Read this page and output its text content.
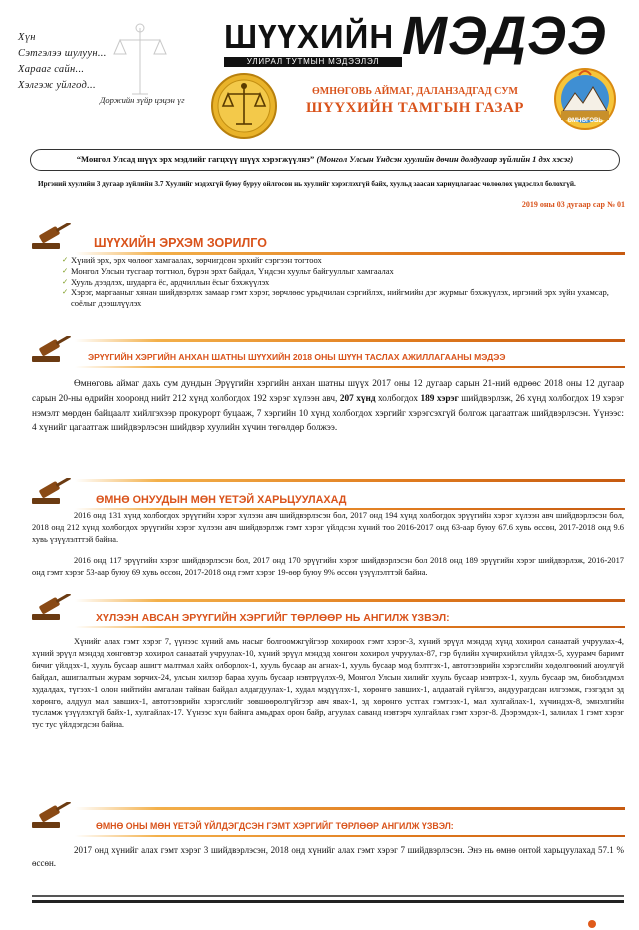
Хүн
Сэтгэлээ шулуун...
Харааг сайн...
Хэлгэж уйлгод...
Доржийн зүйр цэцэн үг
ШҮҮХИЙН МЭДЭЭ
УЛИРАЛ ТУТМЫН МЭДЭЭЛЭЛ
ӨМНӨГОВЬ АЙМАГ, ДАЛАНЗАДГАД СУМ
ШҮҮХИЙН ТАМГЫН ГАЗАР
ӨМНӨГОВЬ
“Монгол Улсад шүүх эрх мэдлийг гагцхүү шүүх хэрэгжүүлнэ” (Монгол Улсын Үндсэн хуулийн дөчин долдугаар зүйлийн 1 дэх хэсэг)
Иргэний хуулийн 3 дугаар зүйлийн 3.7 Хуулийг мэдэхгүй буюу буруу ойлгосон нь хуулийг хэрэглэхгүй байх, хуульд заасан хариуцлагаас чөлөөлөх үндэслэл болохгүй.
2019 оны 03 дугаар сар № 01
ШҮҮХИЙН ЭРХЭМ ЗОРИЛГО
✓ Хүний эрх, эрх чөлөөг хамгаалах, зөрчигдсөн эрхийг сэргээн тогтоох
✓ Монгол Улсын тусгаар тогтнол, бүрэн эрхт байдал, Үндсэн хуульт байгууллыг хамгаалах
✓ Хууль дээдлэх, шударга ёс, ардчиллын ёсыг бэхжүүлэх
✓ Хэрэг, маргааныг хянан шийдвэрлэх замаар гэмт хэрэг, зөрчлөөс урьдчилан сэргийлэх, нийгмийн дэг журмыг бэхжүүлэх, иргэний эрх зүйн ухамсар, соёлыг дээшлүүлэх
ЭРҮҮГИЙН ХЭРГИЙН АНХАН ШАТНЫ ШҮҮХИЙН 2018 ОНЫ ШҮҮН ТАСЛАХ АЖИЛЛАГААНЫ МЭДЭЭ

Өмнөговь аймаг дахь сум дундын Эрүүгийн хэргийн анхан шатны шүүх 2017 оны 12 дугаар сарын 21-ний өдрөөс 2018 оны 12 дугаар сарын 20-ны өдрийн хооронд нийт 212 хүнд холбогдох 192 хэрэг хүлээн авч, 207 хүнд холбогдох 189 хэрэг шийдвэрлэж, 26 хүнд холбогдох 19 хэрэг нэмэлт мөрдөн байцаалт хийлгэхээр прокурорт буцааж, 7 хэргийн 10 хүнд холбогдох хэргийг хэрэгсэхгүй болгож цагаатгаж шийдвэрлэсэн. Үүнээс: 4 хүнийг цагаатгаж шийдвэрлэсэн шийдвэр хуулийн хүчин төгөлдөр болжээ.

ӨМНӨ ОНУУДЫН МӨН ҮЕТЭЙ ХАРЬЦУУЛАХАД

2016 онд 131 хүнд холбогдох эрүүгийн хэрэг хүлээн авч шийдвэрлэсэн бол, 2017 онд 194 хүнд холбогдох эрүүгийн хэрэг хүлээн авч шийдвэрлэсэн бол, 2018 онд 212 хүнд холбогдох эрүүгийн хэрэг хүлээн авч шийдвэрлэж гэмт хэрэг үйлдсэн хүний тоо 2016-2017 онд 63-аар буюу 67.6 хувь өссөн, 2017-2018 онд 9.6 хувь үзүүлэлттэй байна.

2016 онд 117 эрүүгийн хэрэг шийдвэрлэсэн бол, 2017 онд 170 эрүүгийн хэрэг шийдвэрлэсэн бол 2018 онд 189 эрүүгийн хэрэг шийдвэрлэж, 2016-2017 онд гэмт хэрэг 53-аар буюу 69 хувь өссөн, 2017-2018 онд гэмт хэрэг 19-өөр буюу 9% өссөн үзүүлэлттэй байна.

ХҮЛЭЭН АВСАН ЭРҮҮГИЙН ХЭРГИЙГ ТӨРЛӨӨР НЬ АНГИЛЖ ҮЗВЭЛ:

Хүнийг алах гэмт хэрэг 7, үүнээс хүний амь насыг болгоомжгүйгээр хохироох гэмт хэрэг-3, хүний эрүүл мэндэд хүнд хохирол санаатай учруулах-4, хүний эрүүл мэндэд хөнгөвтэр хохирол санаатай учруулах-10, хүний эрүүл мэндэд хөнгөн хохирол учруулах-87, гэр бүлийн хүчирхийлэл үйлдэх-5, хуурамч баримт бичиг үйлдэх-1, хууль бусаар ашигт малтмал хайх олборлох-1, хууль бусаар ан агнах-1, хууль бусаар мод бэлтгэх-1, автотээврийн хэрэгслийн хөдөлгөөний аюулгүй байдал, ашиглалтын журам зөрчих-24, улсын хилээр бараа хууль бусаар нэвтрүүлэх-9, Монгол Улсын хилийг хууль бусаар нэвтрэх-1, хууль бусаар эм, биобэлдмэл худалдах, түгээх-1 олон нийтийн амгалан тайван байдал алдагдуулах-1, худал мэдүүлэх-1, хөрөнгө завших-1, алдаатай гүйлгээ, андуурагдсан илгээмж, гэзгэдэл эд хөрөнгө, алдуул мал завших-1, автотээврийн хэрэгслийг зөвшөөрөлгүйгээр авч явах-1, эд хөрөнгө устгах гэмтээх-1, мал хулгайлах-1, хүчиндэх-8, эмнэлгийн тусламж үзүүлэхгүй байх-1, хулгайлах-17. Үүнээс хүн байнга амьдрах орон байр, агуулах саванд нэвтэрч хулгайлах гэмт хэрэг-8. Дээрэмдэх-1, залилах 1 гэмт хэрэг тус тус үйлдэгдсэн байна.

ӨМНӨ ОНЫ МӨН ҮЕТЭЙ ҮЙЛДЭГДСЭН ГЭМТ ХЭРГИЙГ ТӨРЛӨӨР АНГИЛЖ ҮЗВЭЛ:

2017 онд хүнийг алах гэмт хэрэг 3 шийдвэрлэсэн, 2018 онд хүнийг алах гэмт хэрэг 7 шийдвэрлэсэн. Энэ нь өмнө онтой харьцуулахад 57.1 % өссөн.
